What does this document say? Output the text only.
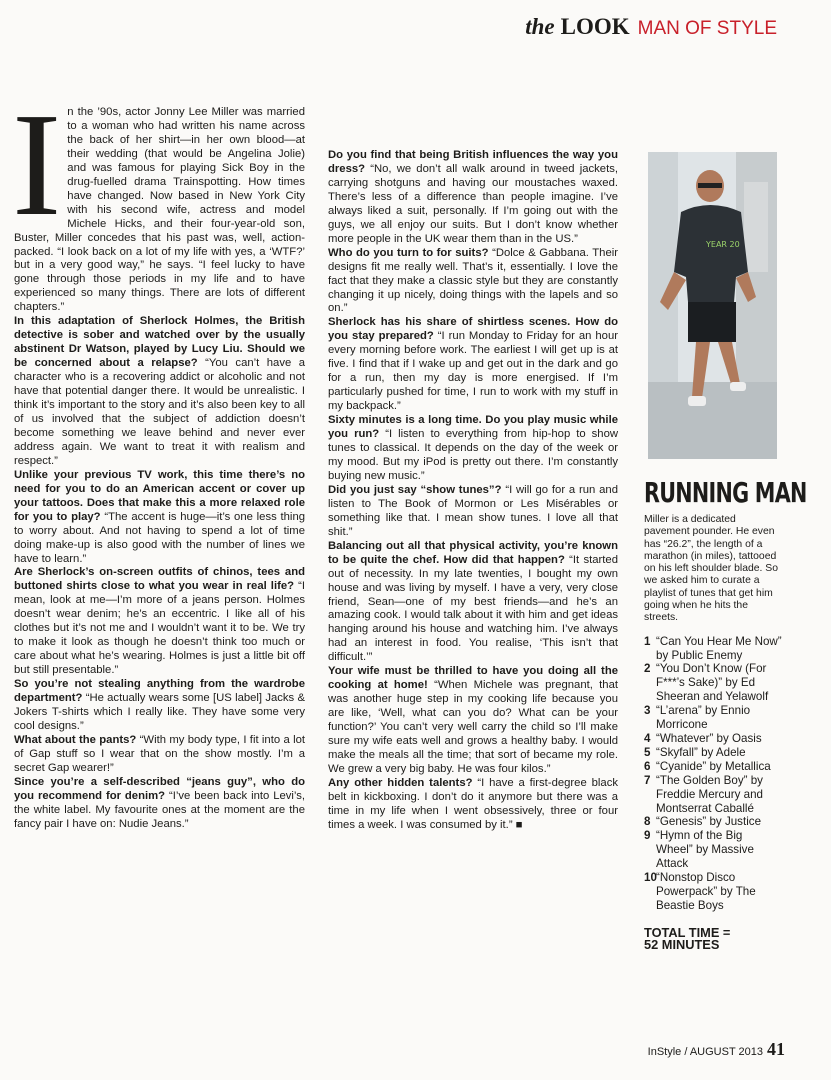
the LOOK MAN OF STYLE
I n the ’90s, actor Jonny Lee Miller was married to a woman who had written his name across the back of her shirt—in her own blood—at their wedding (that would be Angelina Jolie) and was famous for playing Sick Boy in the drug-fuelled drama Trainspotting. How times have changed. Now based in New York City with his second wife, actress and model Michele Hicks, and their four-year-old son, Buster, Miller concedes that his past was, well, action-packed. “I look back on a lot of my life with yes, a ‘WTF?’ but in a very good way,” he says. “I feel lucky to have gone through those periods in my life and to have experienced so many things. There are lots of different chapters.”

In this adaptation of Sherlock Holmes, the British detective is sober and watched over by the usually abstinent Dr Watson, played by Lucy Liu. Should we be concerned about a relapse? “You can’t have a character who is a recovering addict or alcoholic and not have that potential danger there. It would be unrealistic. I think it’s important to the story and it’s also been key to all of us involved that the subject of addiction doesn’t become something we leave behind and never ever address again. We want to treat it with realism and respect.”

Unlike your previous TV work, this time there’s no need for you to do an American accent or cover up your tattoos. Does that make this a more relaxed role for you to play? “The accent is huge—it’s one less thing to worry about. And not having to spend a lot of time doing make-up is also good with the number of lines we have to learn.”

Are Sherlock’s on-screen outfits of chinos, tees and buttoned shirts close to what you wear in real life? “I mean, look at me—I’m more of a jeans person. Holmes doesn’t wear denim; he’s an eccentric. I like all of his clothes but it’s not me and I wouldn’t want it to be. We try to make it look as though he doesn’t think too much or care about what he’s wearing. Holmes is just a little bit off but still presentable.”

So you’re not stealing anything from the wardrobe department? “He actually wears some [US label] Jacks & Jokers T-shirts which I really like. They have some very cool designs.”

What about the pants? “With my body type, I fit into a lot of Gap stuff so I wear that on the show mostly. I’m a secret Gap wearer!”

Since you’re a self-described “jeans guy”, who do you recommend for denim? “I’ve been back into Levi’s, the white label. My favourite ones at the moment are the fancy pair I have on: Nudie Jeans.”

Do you find that being British influences the way you dress? “No, we don’t all walk around in tweed jackets, carrying shotguns and having our moustaches waxed. There’s less of a difference than people imagine. I’ve always liked a suit, personally. If I’m going out with the guys, we all enjoy our suits. But I don’t know whether more people in the UK wear them than in the US.”

Who do you turn to for suits? “Dolce & Gabbana. Their designs fit me really well. That’s it, essentially. I love the fact that they make a classic style but they are constantly changing it up nicely, doing things with the lapels and so on.”

Sherlock has his share of shirtless scenes. How do you stay prepared? “I run Monday to Friday for an hour every morning before work. The earliest I will get up is at five. I find that if I wake up and get out in the dark and go for a run, then my day is more energised. If I’m particularly pushed for time, I run to work with my stuff in my backpack.”

Sixty minutes is a long time. Do you play music while you run? “I listen to everything from hip-hop to show tunes to classical. It depends on the day of the week or my mood. But my iPod is pretty out there. I’m constantly buying new music.”

Did you just say “show tunes”? “I will go for a run and listen to The Book of Mormon or Les Misérables or something like that. I mean show tunes. I love all that shit.”

Balancing out all that physical activity, you’re known to be quite the chef. How did that happen? “It started out of necessity. In my late twenties, I bought my own house and was living by myself. I have a very, very close friend, Sean—one of my best friends—and he’s an amazing cook. I would talk about it with him and get ideas hanging around his house and watching him. I’ve always had an interest in food. You realise, ‘This isn’t that difficult.’”

Your wife must be thrilled to have you doing all the cooking at home! “When Michele was pregnant, that was another huge step in my cooking life because you are like, ‘Well, what can you do? What can be your function?’ You can’t very well carry the child so I’ll make sure my wife eats well and grows a healthy baby. I would make the meals all the time; that sort of became my role. We grew a very big baby. He was four kilos.”

Any other hidden talents? “I have a first-degree black belt in kickboxing. I don’t do it anymore but there was a time in my life when I went obsessively, three or four times a week. I was consumed by it.” ■

YEAR 20
RUNNING MAN
Miller is a dedicated pavement pounder. He even has “26.2”, the length of a marathon (in miles), tattooed on his left shoulder blade. So we asked him to curate a playlist of tunes that get him going when he hits the streets.
1 “Can You Hear Me Now” by Public Enemy
2 “You Don’t Know (For F***’s Sake)” by Ed Sheeran and Yelawolf
3 “L’arena” by Ennio Morricone
4 “Whatever” by Oasis
5 “Skyfall” by Adele
6 “Cyanide” by Metallica
7 “The Golden Boy” by Freddie Mercury and Montserrat Caballé
8 “Genesis” by Justice
9 “Hymn of the Big Wheel” by Massive Attack
10 “Nonstop Disco Powerpack” by The Beastie Boys
TOTAL TIME =
52 MINUTES
InStyle / AUGUST 2013 41
